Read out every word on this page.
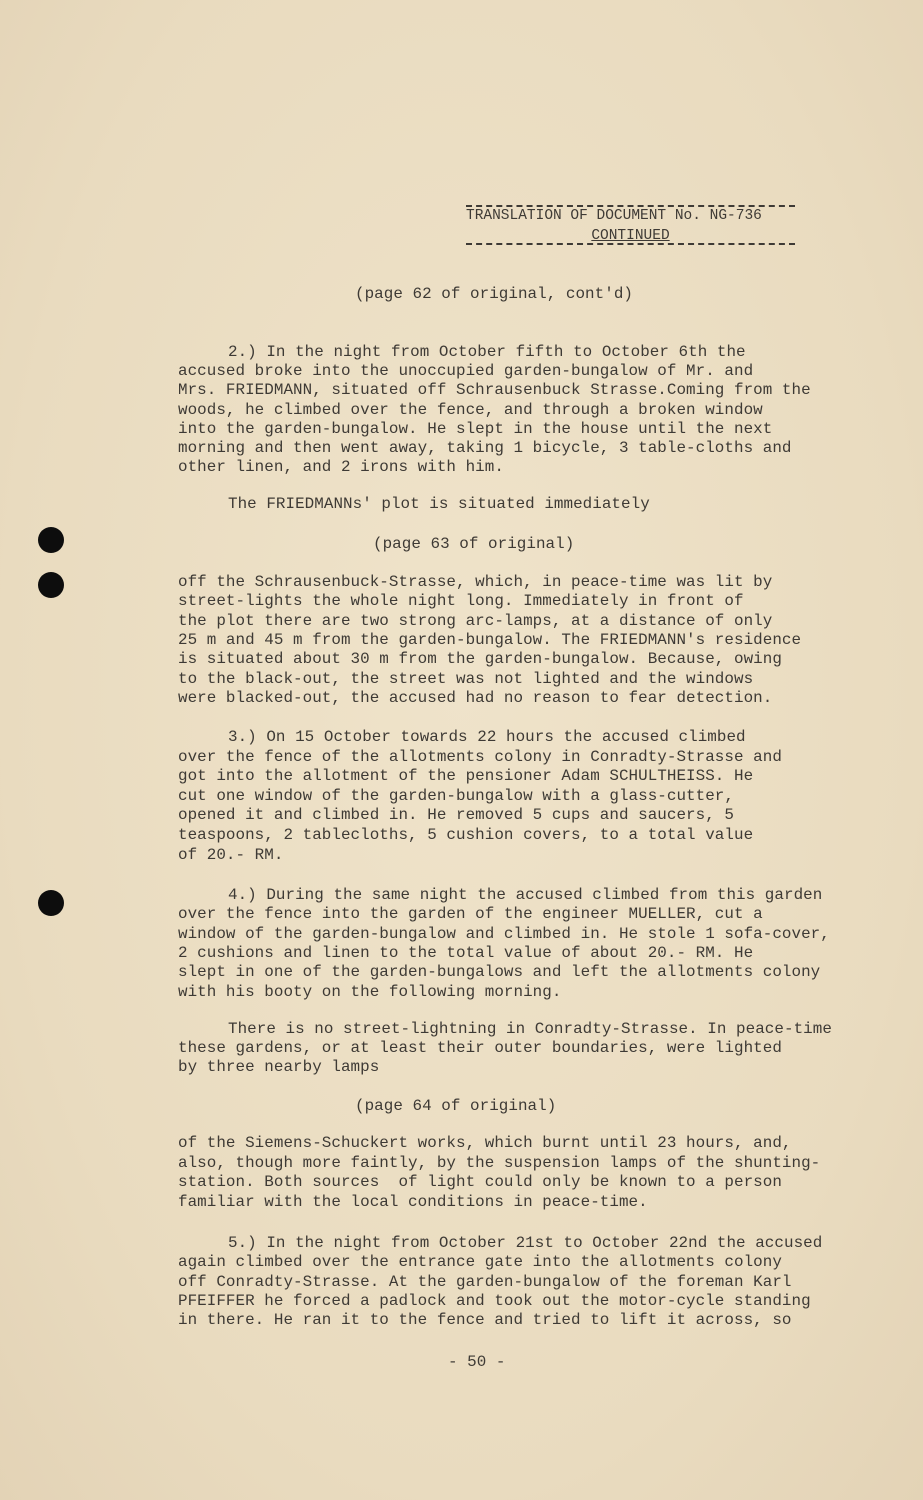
TRANSLATION OF DOCUMENT No. NG-736
CONTINUED
(page 62 of original, cont'd)
(page 63 of original)
(page 64 of original)
2.) In the night from October fifth to October 6th the
accused broke into the unoccupied garden-bungalow of Mr. and
Mrs. FRIEDMANN, situated off Schrausenbuck Strasse.Coming from the
woods, he climbed over the fence, and through a broken window
into the garden-bungalow. He slept in the house until the next
morning and then went away, taking 1 bicycle, 3 table-cloths and
other linen, and 2 irons with him.
The FRIEDMANNs' plot is situated immediately
off the Schrausenbuck-Strasse, which, in peace-time was lit by
street-lights the whole night long. Immediately in front of
the plot there are two strong arc-lamps, at a distance of only
25 m and 45 m from the garden-bungalow. The FRIEDMANN's residence
is situated about 30 m from the garden-bungalow. Because, owing
to the black-out, the street was not lighted and the windows
were blacked-out, the accused had no reason to fear detection.
3.) On 15 October towards 22 hours the accused climbed
over the fence of the allotments colony in Conradty-Strasse and
got into the allotment of the pensioner Adam SCHULTHEISS. He
cut one window of the garden-bungalow with a glass-cutter,
opened it and climbed in. He removed 5 cups and saucers, 5
teaspoons, 2 tablecloths, 5 cushion covers, to a total value
of 20.- RM.
4.) During the same night the accused climbed from this garden
over the fence into the garden of the engineer MUELLER, cut a
window of the garden-bungalow and climbed in. He stole 1 sofa-cover,
2 cushions and linen to the total value of about 20.- RM. He
slept in one of the garden-bungalows and left the allotments colony
with his booty on the following morning.
There is no street-lightning in Conradty-Strasse. In peace-time
these gardens, or at least their outer boundaries, were lighted
by three nearby lamps
of the Siemens-Schuckert works, which burnt until 23 hours, and,
also, though more faintly, by the suspension lamps of the shunting-
station. Both sources  of light could only be known to a person
familiar with the local conditions in peace-time.
5.) In the night from October 21st to October 22nd the accused
again climbed over the entrance gate into the allotments colony
off Conradty-Strasse. At the garden-bungalow of the foreman Karl
PFEIFFER he forced a padlock and took out the motor-cycle standing
in there. He ran it to the fence and tried to lift it across, so
- 50 -
